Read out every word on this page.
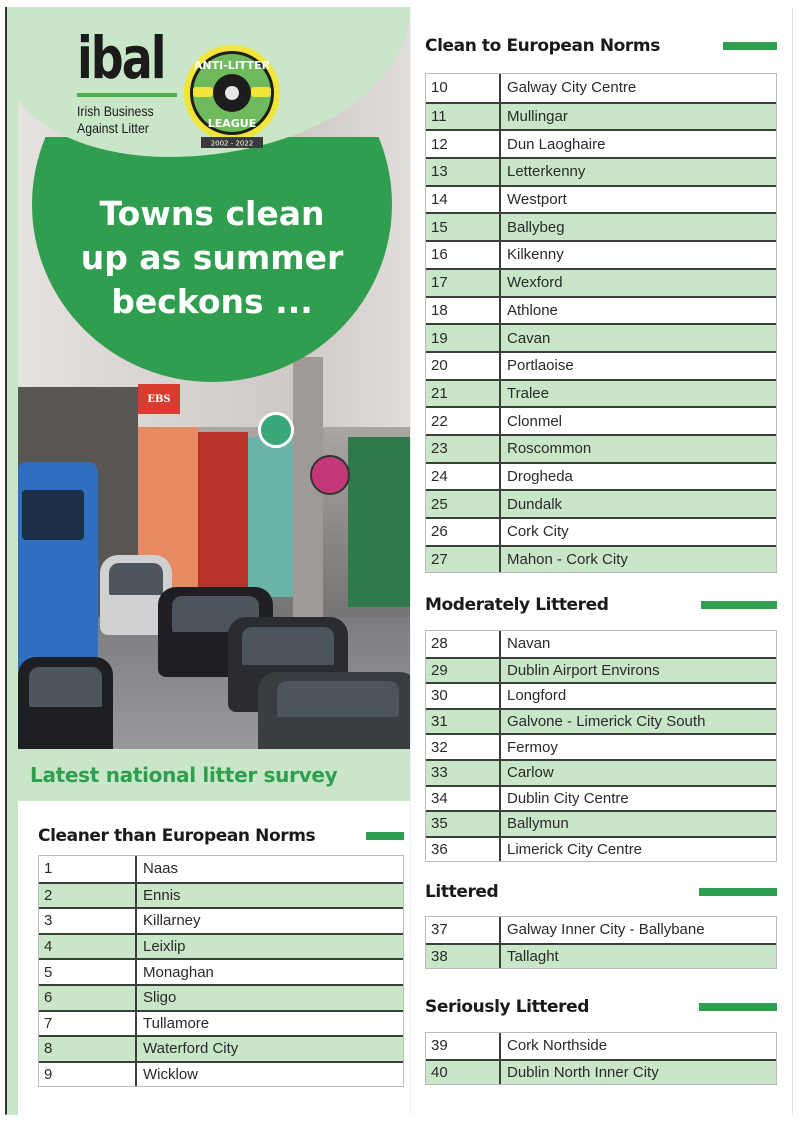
EBS
ibal
Irish Business
Against Litter
ANTI-LITTER
LEAGUE
2002 - 2022
Towns clean
up as summer
beckons ...
Latest national litter survey
Cleaner than European Norms
1	Naas
2	Ennis
3	Killarney
4	Leixlip
5	Monaghan
6	Sligo
7	Tullamore
8	Waterford City
9	Wicklow
Clean to European Norms
10	Galway City Centre
11	Mullingar
12	Dun Laoghaire
13	Letterkenny
14	Westport
15	Ballybeg
16	Kilkenny
17	Wexford
18	Athlone
19	Cavan
20	Portlaoise
21	Tralee
22	Clonmel
23	Roscommon
24	Drogheda
25	Dundalk
26	Cork City
27	Mahon - Cork City
Moderately Littered
28	Navan
29	Dublin Airport Environs
30	Longford
31	Galvone - Limerick City South
32	Fermoy
33	Carlow
34	Dublin City Centre
35	Ballymun
36	Limerick City Centre
Littered
37	Galway Inner City - Ballybane
38	Tallaght
Seriously Littered
39	Cork Northside
40	Dublin North Inner City
